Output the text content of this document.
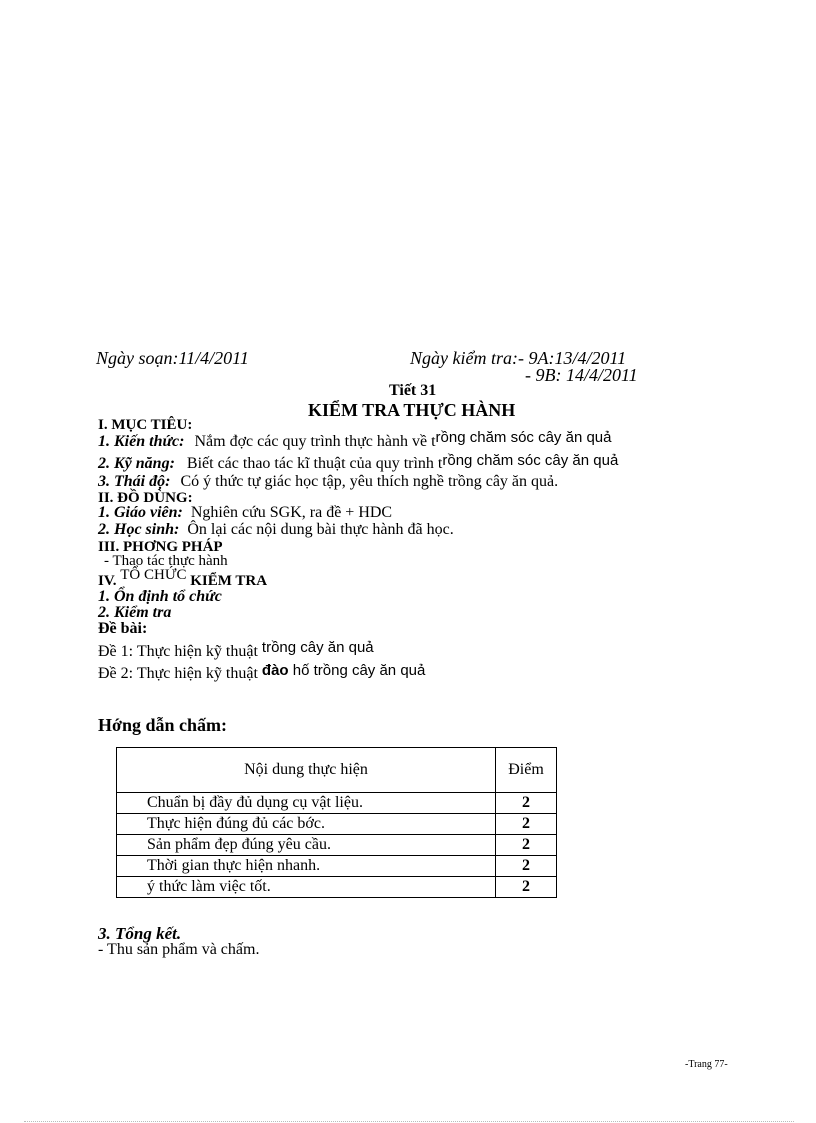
Ngày soạn:11/4/2011	Ngày kiểm tra:- 9A:13/4/2011
- 9B: 14/4/2011
Tiết 31
KIỂM TRA THỰC HÀNH
I. MỤC TIÊU:
1. Kiến thức: Nắm đợc các quy trình thực hành về trồng chăm sóc cây ăn quả
2. Kỹ năng: Biết các thao tác kĩ thuật của quy trình trồng chăm sóc cây ăn quả
3. Thái độ: Có ý thức tự giác học tập, yêu thích nghề trồng cây ăn quả.
II. ĐỒ DÙNG:
1. Giáo viên: Nghiên cứu SGK, ra đề + HDC
2. Học sinh: Ôn lại các nội dung bài thực hành đã học.
III. PHƠNG PHÁP
- Thao tác thực hành
IV. TỔ CHỨC KIỂM TRA
1. Ổn định tổ chức
2. Kiểm tra
Đề bài:
Đề 1: Thực hiện kỹ thuật trồng cây ăn quả
Đề 2: Thực hiện kỹ thuật đào hố trồng cây ăn quả
Hớng dẫn chấm:
Nội dung thực hiện	Điểm
Chuẩn bị đầy đủ dụng cụ vật liệu.	2
Thực hiện đúng đủ các bớc.	2
Sản phẩm đẹp đúng yêu cầu.	2
Thời gian thực hiện nhanh.	2
ý thức làm việc tốt.	2
3. Tổng kết.
- Thu sản phẩm và chấm.
-Trang 77-
